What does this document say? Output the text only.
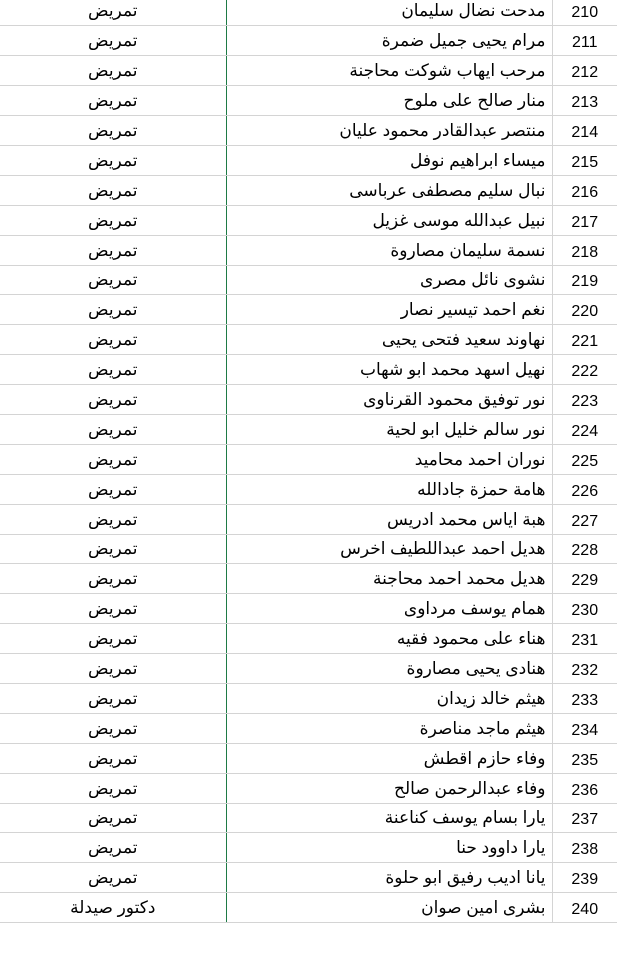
تمريض	مدحت نضال سليمان	210
تمريض	مرام يحيى جميل ضمرة	211
تمريض	مرحب ايهاب شوكت محاجنة	212
تمريض	منار صالح على ملوح	213
تمريض	منتصر عبدالقادر محمود عليان	214
تمريض	ميساء ابراهيم نوفل	215
تمريض	نبال سليم مصطفى عرباسى	216
تمريض	نبيل عبدالله موسى غزيل	217
تمريض	نسمة سليمان مصاروة	218
تمريض	نشوى نائل مصرى	219
تمريض	نغم احمد تيسير نصار	220
تمريض	نهاوند سعيد فتحى يحيى	221
تمريض	نهيل اسهد محمد ابو شهاب	222
تمريض	نور توفيق محمود القرناوى	223
تمريض	نور سالم خليل ابو لحية	224
تمريض	نوران احمد محاميد	225
تمريض	هامة حمزة جادالله	226
تمريض	هبة اياس محمد ادريس	227
تمريض	هديل احمد عبداللطيف اخرس	228
تمريض	هديل محمد احمد محاجنة	229
تمريض	همام يوسف مرداوى	230
تمريض	هناء على محمود فقيه	231
تمريض	هنادى يحيى مصاروة	232
تمريض	هيثم خالد زيدان	233
تمريض	هيثم ماجد مناصرة	234
تمريض	وفاء حازم اقطش	235
تمريض	وفاء عبدالرحمن صالح	236
تمريض	يارا بسام يوسف كناعنة	237
تمريض	يارا داوود حنا	238
تمريض	يانا اديب رفيق ابو حلوة	239
دكتور صيدلة	بشرى امين صوان	240
